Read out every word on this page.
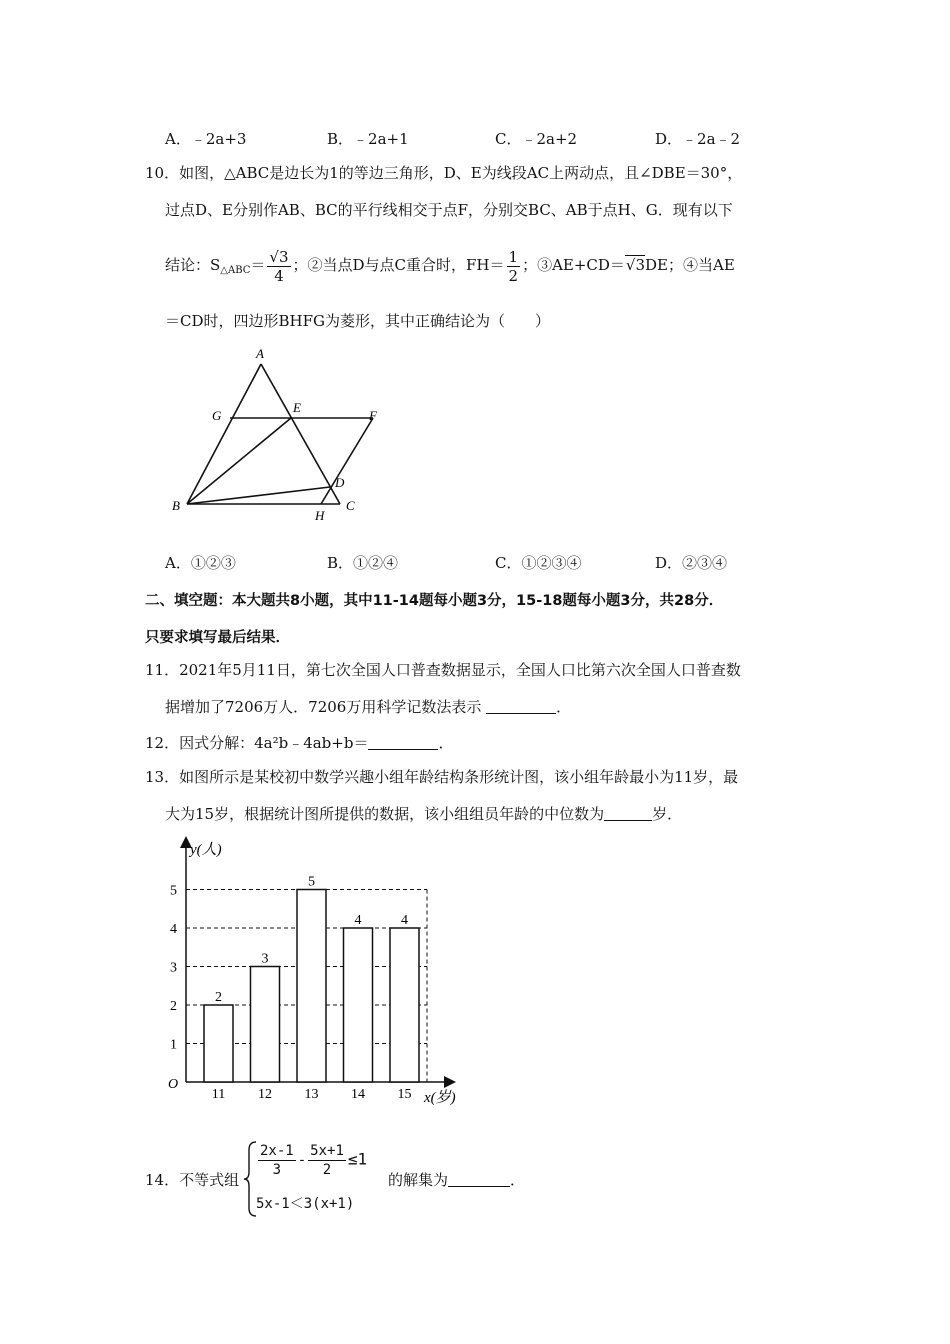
A．﹣2a+3	B．﹣2a+1	C．﹣2a+2	D．﹣2a﹣2
10．如图，△ABC是边长为1的等边三角形，D、E为线段AC上两动点，且∠DBE＝30°，
过点D、E分别作AB、BC的平行线相交于点F，分别交BC、AB于点H、G．现有以下
结论：$S_{\triangle ABC}= \frac{√3}{4}$ ；②当点D与点C重合时，$FH= \frac{1}{2}$ ；③AE+CD＝√3DE；④当AE
＝CD时，四边形BHFG为菱形，其中正确结论为（　　）
A
B	C
D
E
F
G
H
A．①②③	B．①②④	C．①②③④	D．②③④
二、填空题：本大题共8小题，其中11-14题每小题3分，15-18题每小题3分，共28分．
只要求填写最后结果．
11．2021年5月11日，第七次全国人口普查数据显示，全国人口比第六次全国人口普查数
据增加了7206万人．7206万用科学记数法表示	．
12．因式分解：4a²b﹣4ab+b＝	．
13．如图所示是某校初中数学兴趣小组年龄结构条形统计图，该小组年龄最小为11岁，最
大为15岁，根据统计图所提供的数据，该小组组员年龄的中位数为	岁．
1
2
3
4
5
y(人)
x(岁)
O
2
11
3
12
5
13
4
14
4
15
14．不等式组
$\frac{2x-1}{3} - \frac{5x+1}{2} \le 1$
5x-1＜3(x+1)
的解集为	．
